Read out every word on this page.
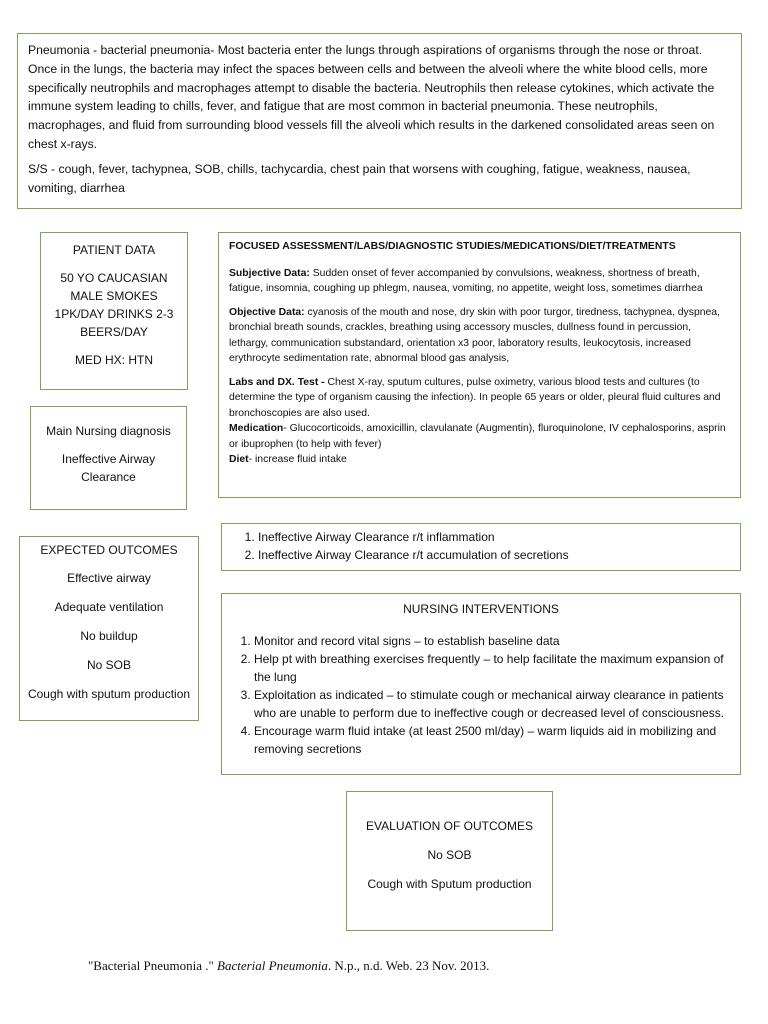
Pneumonia - bacterial pneumonia- Most bacteria enter the lungs through aspirations of organisms through the nose or throat. Once in the lungs, the bacteria may infect the spaces between cells and between the alveoli where the white blood cells, more specifically neutrophils and macrophages attempt to disable the bacteria. Neutrophils then release cytokines, which activate the immune system leading to chills, fever, and fatigue that are most common in bacterial pneumonia. These neutrophils, macrophages, and fluid from surrounding blood vessels fill the alveoli which results in the darkened consolidated areas seen on chest x-rays.

S/S - cough, fever, tachypnea, SOB, chills, tachycardia, chest pain that worsens with coughing, fatigue, weakness, nausea, vomiting, diarrhea

PATIENT DATA

50 YO CAUCASIAN MALE SMOKES 1PK/DAY DRINKS 2-3 BEERS/DAY

MED HX: HTN

FOCUSED ASSESSMENT/LABS/DIAGNOSTIC STUDIES/MEDICATIONS/DIET/TREATMENTS

Subjective Data: Sudden onset of fever accompanied by convulsions, weakness, shortness of breath, fatigue, insomnia, coughing up phlegm, nausea, vomiting, no appetite, weight loss, sometimes diarrhea

Objective Data: cyanosis of the mouth and nose, dry skin with poor turgor, tiredness, tachypnea, dyspnea, bronchial breath sounds, crackles, breathing using accessory muscles, dullness found in percussion, lethargy, communication substandard, orientation x3 poor, laboratory results, leukocytosis, increased erythrocyte sedimentation rate, abnormal blood gas analysis,

Labs and DX. Test - Chest X-ray, sputum cultures, pulse oximetry, various blood tests and cultures (to determine the type of organism causing the infection). In people 65 years or older, pleural fluid cultures and bronchoscopies are also used.

Medication- Glucocorticoids, amoxicillin, clavulanate (Augmentin), fluroquinolone, IV cephalosporins, asprin or ibuprophen (to help with fever)

Diet- increase fluid intake

Main Nursing diagnosis

Ineffective Airway Clearance

EXPECTED OUTCOMES

Effective airway

Adequate ventilation

No buildup

No SOB

Cough with sputum production

1. Ineffective Airway Clearance r/t inflammation
2. Ineffective Airway Clearance r/t accumulation of secretions

NURSING INTERVENTIONS

1. Monitor and record vital signs – to establish baseline data
2. Help pt with breathing exercises frequently – to help facilitate the maximum expansion of the lung
3. Exploitation as indicated – to stimulate cough or mechanical airway clearance in patients who are unable to perform due to ineffective cough or decreased level of consciousness.
4. Encourage warm fluid intake (at least 2500 ml/day) – warm liquids aid in mobilizing and removing secretions

EVALUATION OF OUTCOMES

No SOB

Cough with Sputum production

"Bacterial Pneumonia ." Bacterial Pneumonia. N.p., n.d. Web. 23 Nov. 2013.
